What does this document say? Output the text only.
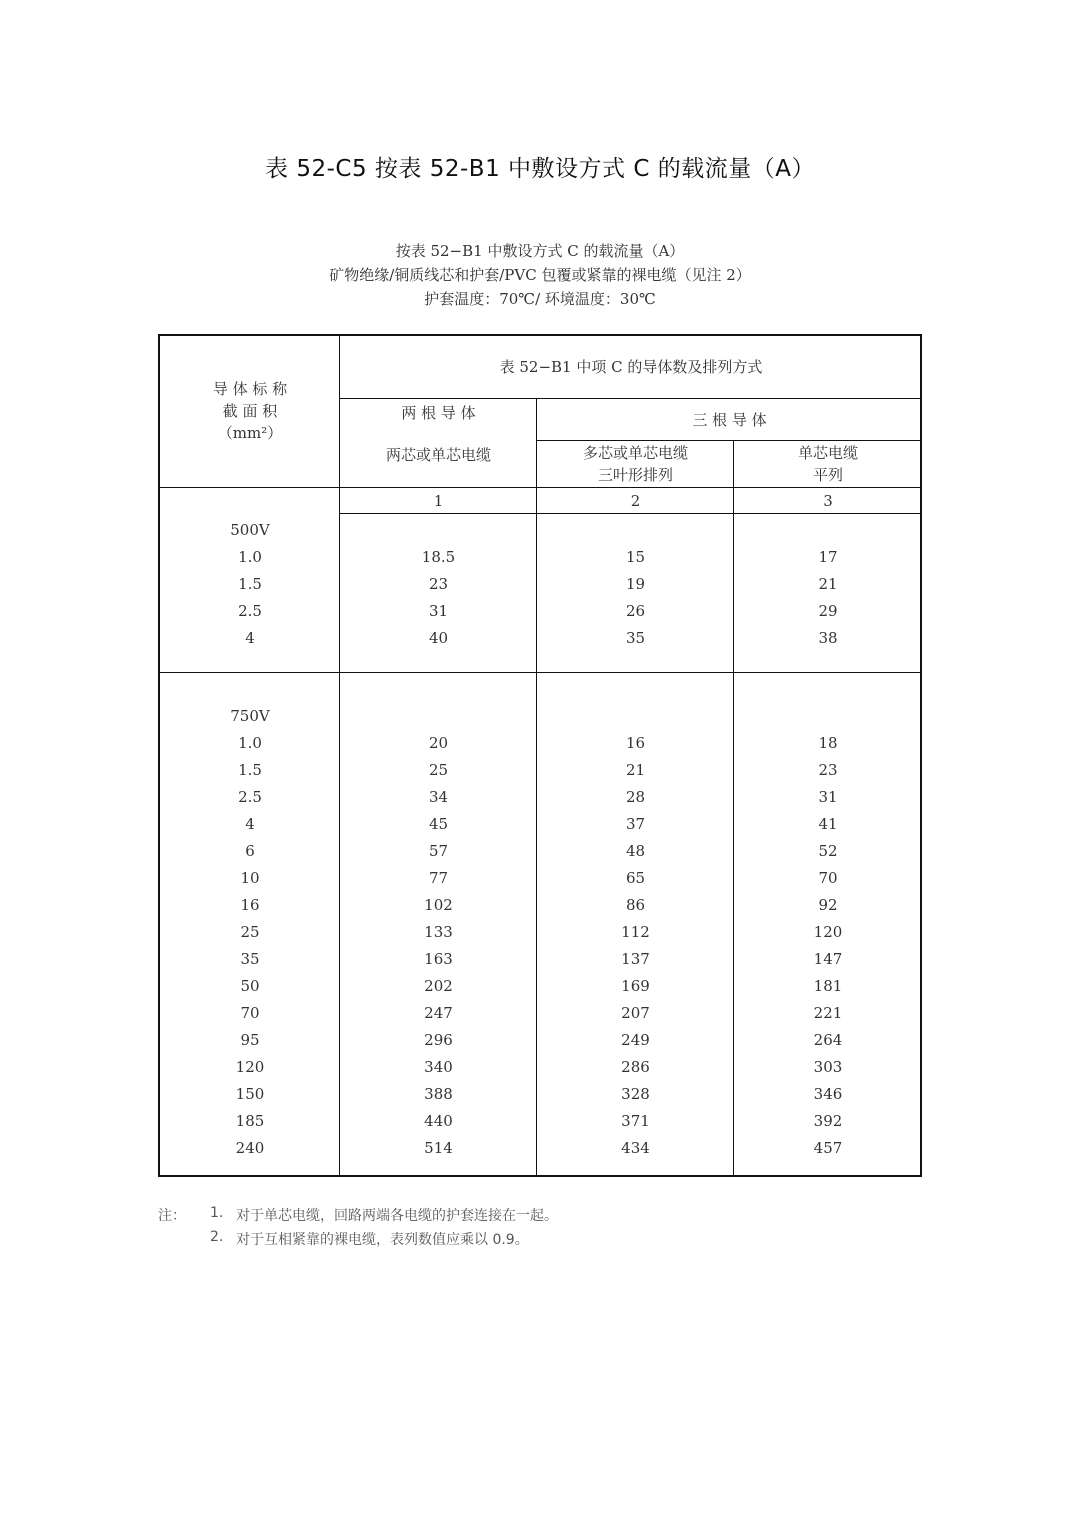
表 52-C5 按表 52-B1 中敷设方式 C 的载流量（A）
按表 52−B1 中敷设方式 C 的载流量（A）
矿物绝缘/铜质线芯和护套/PVC 包覆或紧靠的裸电缆（见注 2）
护套温度：70℃/ 环境温度：30℃
导 体 标 称
截 面 积
（mm²）
表 52−B1 中项 C 的导体数及排列方式
两 根 导 体
两芯或单芯电缆
三 根 导 体
多芯或单芯电缆
三叶形排列
单芯电缆
平列
1	2	3
500V
1.0	18.5	15	17
1.5	23	19	21
2.5	31	26	29
4	40	35	38
750V
1.0	20	16	18
1.5	25	21	23
2.5	34	28	31
4	45	37	41
6	57	48	52
10	77	65	70
16	102	86	92
25	133	112	120
35	163	137	147
50	202	169	181
70	247	207	221
95	296	249	264
120	340	286	303
150	388	328	346
185	440	371	392
240	514	434	457
注： 1. 对于单芯电缆，回路两端各电缆的护套连接在一起。
2. 对于互相紧靠的裸电缆，表列数值应乘以 0.9。
